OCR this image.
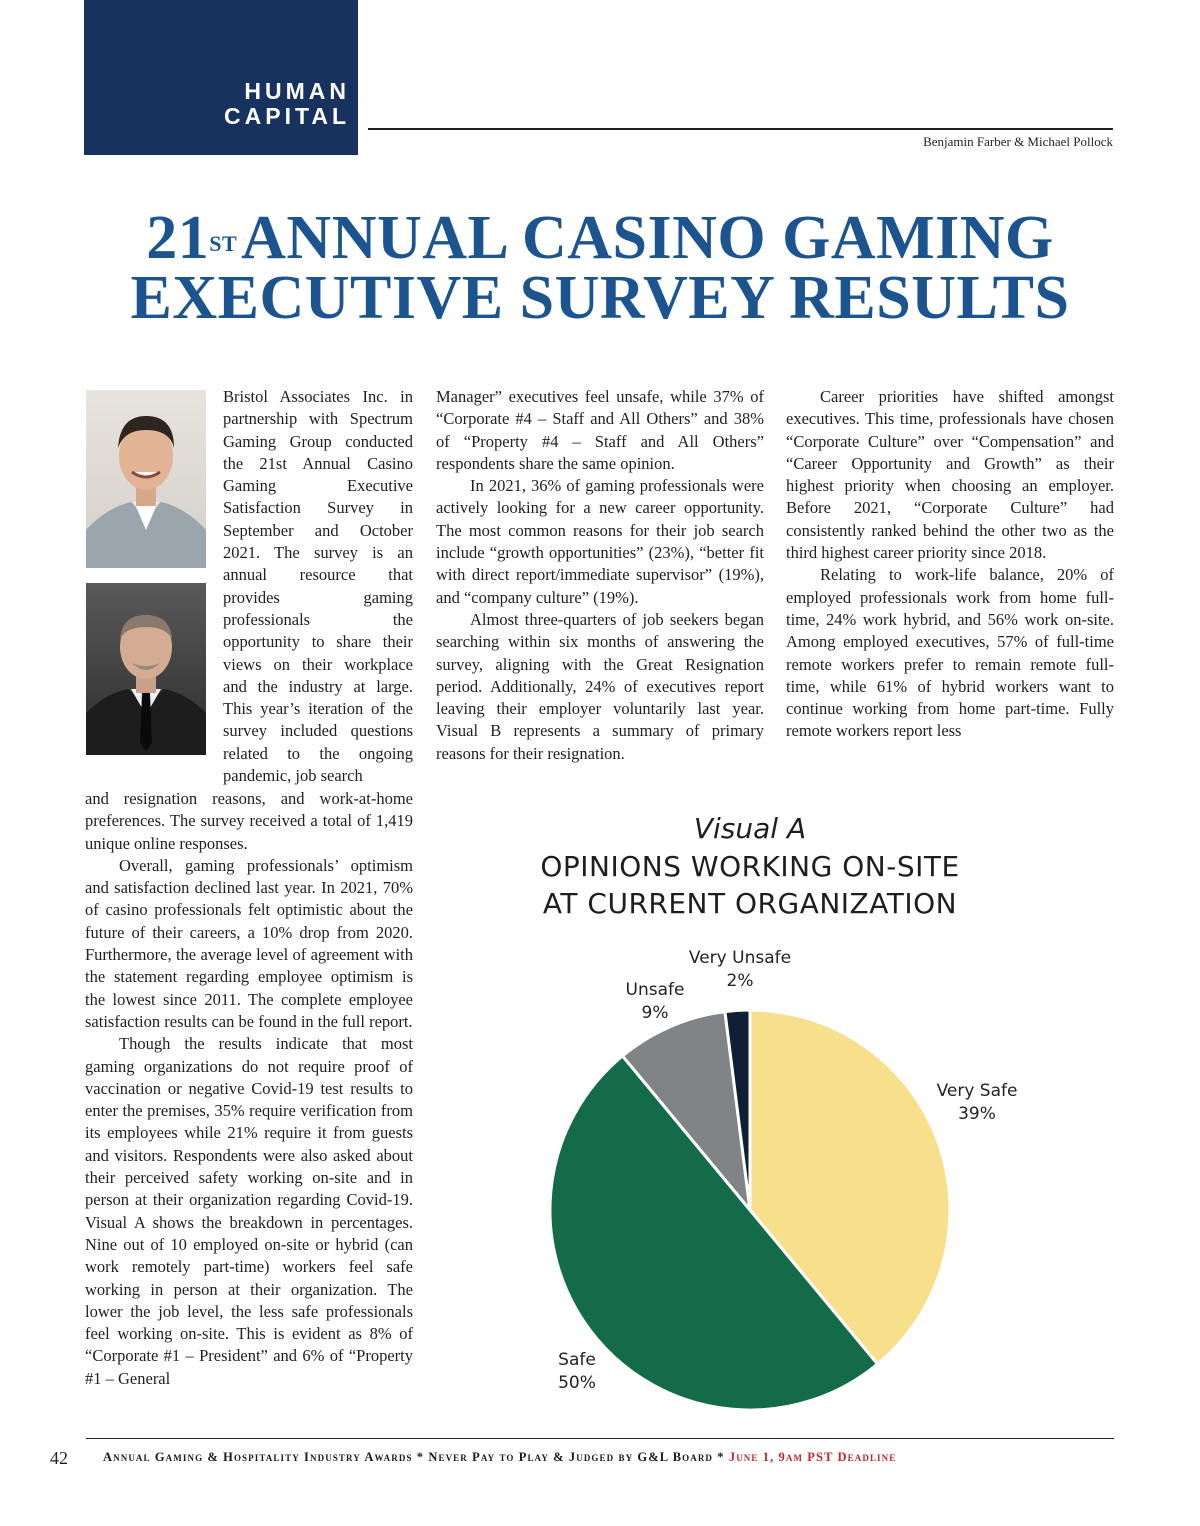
HUMAN
CAPITAL
Benjamin Farber & Michael Pollock
21STANNUAL CASINO GAMING
EXECUTIVE SURVEY RESULTS

Bristol Associates Inc. in partnership with Spectrum Gaming Group conducted the 21st Annual Casino Gaming Executive Satisfaction Survey in September and October 2021. The survey is an annual resource that provides gaming professionals the opportunity to share their views on their workplace and the industry at large. This year’s iteration of the survey included questions related to the ongoing pandemic, job search

and resignation reasons, and work-at-home preferences. The survey received a total of 1,419 unique online responses.

Overall, gaming professionals’ optimism and satisfaction declined last year. In 2021, 70% of casino professionals felt optimistic about the future of their careers, a 10% drop from 2020. Furthermore, the average level of agreement with the statement regarding employee optimism is the lowest since 2011. The complete employee satisfaction results can be found in the full report.

Though the results indicate that most gaming organizations do not require proof of vaccination or negative Covid-19 test results to enter the premises, 35% require verification from its employees while 21% require it from guests and visitors. Respondents were also asked about their perceived safety working on-site and in person at their organization regarding Covid-19. Visual A shows the breakdown in percentages. Nine out of 10 employed on-site or hybrid (can work remotely part-time) workers feel safe working in person at their organization. The lower the job level, the less safe professionals feel working on-site. This is evident as 8% of “Corporate #1 – President” and 6% of “Property #1 – General

Manager” executives feel unsafe, while 37% of “Corporate #4 – Staff and All Others” and 38% of “Property #4 – Staff and All Others” respondents share the same opinion.

In 2021, 36% of gaming professionals were actively looking for a new career opportunity. The most common reasons for their job search include “growth opportunities” (23%), “better fit with direct report/immediate supervisor” (19%), and “company culture” (19%).

Almost three-quarters of job seekers began searching within six months of answering the survey, aligning with the Great Resignation period. Additionally, 24% of executives report leaving their employer voluntarily last year. Visual B represents a summary of primary reasons for their resignation.

Career priorities have shifted amongst executives. This time, professionals have chosen “Corporate Culture” over “Compensation” and “Career Opportunity and Growth” as their highest priority when choosing an employer. Before 2021, “Corporate Culture” had consistently ranked behind the other two as the third highest career priority since 2018.

Relating to work-life balance, 20% of employed professionals work from home full-time, 24% work hybrid, and 56% work on-site. Among employed executives, 57% of full-time remote workers prefer to remain remote full-time, while 61% of hybrid workers want to continue working from home part-time. Fully remote workers report less

Visual A
OPINIONS WORKING ON-SITE
AT CURRENT ORGANIZATION
Very Safe
39%
Safe
50%
Unsafe
9%
Very Unsafe
2%
42	Annual Gaming & Hospitality Industry Awards * Never Pay to Play & Judged by G&L Board * June 1, 9am PST Deadline
